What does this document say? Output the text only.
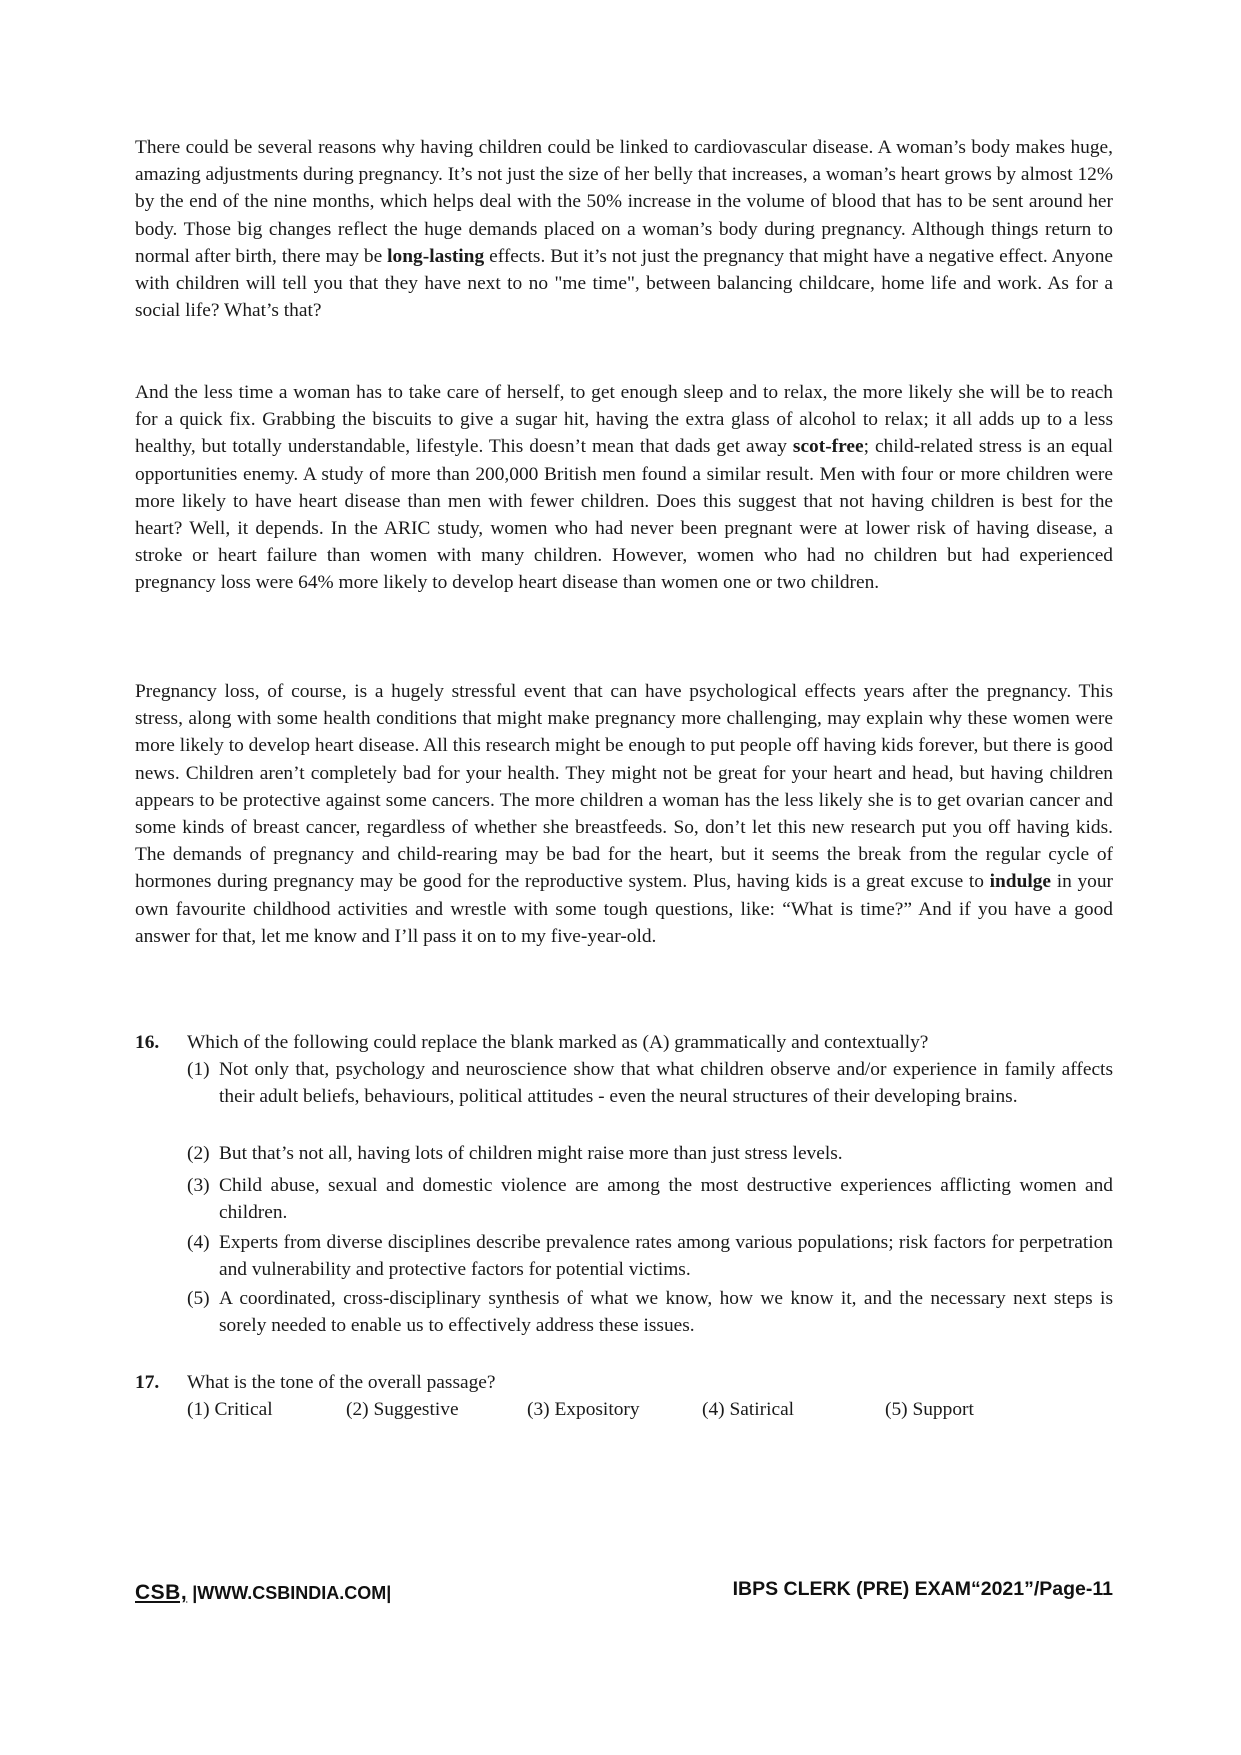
There could be several reasons why having children could be linked to cardiovascular disease. A woman’s body makes huge, amazing adjustments during pregnancy. It’s not just the size of her belly that increases, a woman’s heart grows by almost 12% by the end of the nine months, which helps deal with the 50% increase in the volume of blood that has to be sent around her body. Those big changes reflect the huge demands placed on a woman’s body during pregnancy. Although things return to normal after birth, there may be long-lasting effects. But it’s not just the pregnancy that might have a negative effect. Anyone with children will tell you that they have next to no "me time", between balancing childcare, home life and work. As for a social life? What’s that?

And the less time a woman has to take care of herself, to get enough sleep and to relax, the more likely she will be to reach for a quick fix. Grabbing the biscuits to give a sugar hit, having the extra glass of alcohol to relax; it all adds up to a less healthy, but totally understandable, lifestyle. This doesn’t mean that dads get away scot-free; child-related stress is an equal opportunities enemy. A study of more than 200,000 British men found a similar result. Men with four or more children were more likely to have heart disease than men with fewer children. Does this suggest that not having children is best for the heart? Well, it depends. In the ARIC study, women who had never been pregnant were at lower risk of having disease, a stroke or heart failure than women with many children. However, women who had no children but had experienced pregnancy loss were 64% more likely to develop heart disease than women one or two children.

Pregnancy loss, of course, is a hugely stressful event that can have psychological effects years after the pregnancy. This stress, along with some health conditions that might make pregnancy more challenging, may explain why these women were more likely to develop heart disease. All this research might be enough to put people off having kids forever, but there is good news. Children aren’t completely bad for your health. They might not be great for your heart and head, but having children appears to be protective against some cancers. The more children a woman has the less likely she is to get ovarian cancer and some kinds of breast cancer, regardless of whether she breastfeeds. So, don’t let this new research put you off having kids. The demands of pregnancy and child-rearing may be bad for the heart, but it seems the break from the regular cycle of hormones during pregnancy may be good for the reproductive system. Plus, having kids is a great excuse to indulge in your own favourite childhood activities and wrestle with some tough questions, like: “What is time?” And if you have a good answer for that, let me know and I’ll pass it on to my five-year-old.

16. Which of the following could replace the blank marked as (A) grammatically and contextually?
(1) Not only that, psychology and neuroscience show that what children observe and/or experience in family affects their adult beliefs, behaviours, political attitudes - even the neural structures of their developing brains.
(2) But that’s not all, having lots of children might raise more than just stress levels.
(3) Child abuse, sexual and domestic violence are among the most destructive experiences afflicting women and children.
(4) Experts from diverse disciplines describe prevalence rates among various populations; risk factors for perpetration and vulnerability and protective factors for potential victims.
(5) A coordinated, cross-disciplinary synthesis of what we know, how we know it, and the necessary next steps is sorely needed to enable us to effectively address these issues.
17. What is the tone of the overall passage?
(1) Critical	(2) Suggestive	(3) Expository	(4) Satirical	(5) Support
CSB, |WWW.CSBINDIA.COM|	IBPS CLERK (PRE) EXAM“2021”/Page-11
